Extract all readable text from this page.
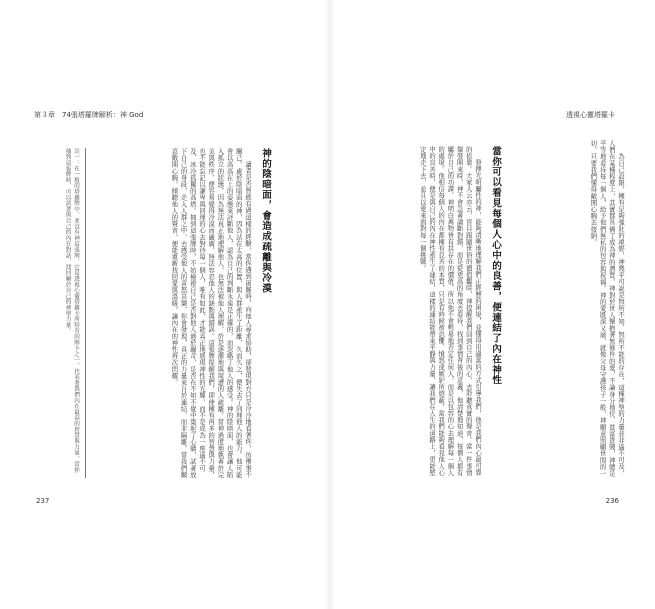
第３章　74張塔羅牌解析：神 God	透視心靈塔羅卡

為自己設限，擁有足夠強壯的視野，神幾乎可說是無所不知、無所不能的存在，這種神聖的力量並非遙不可及，人們在某種程度上，其實都具備了成為神的潛質。神對於世人懷抱著無條件的愛，不論身分地位、貧富貴賤，神總是平等地看待每一個人，給予他們無私的包容與祝福。神的愛既深又廣，就像父母守護孩子一般，神願意照顧世間的一切，只要我們懂得敞開心胸去接納。

當你可以看見每個人心中的良善，便連結了內在神性

發揮光明屬性的神，能夠清晰地理解我們正經歷的困境，並懂得用適當的方式引導我們，他是我們內心最可靠的依靠。大家人云亦云，盲目跟隨世俗的價值觀時，神提醒我們回到自己的內心，去聆聽真實的聲音。當一件事情爆發開來時，神不會急著論斷對錯，而是從更高的角度去看待，找到事情背後的意義，他清楚地知道，每個人都有屬於自己的功課。神明白萬物皆有其存在的價值，所以他不會輕易地否定任何人，而是以包容的心去理解每一個人的處境。他相信每個人的內在都擁有良善的本質，只是有時候被恐懼、憤怒或嫉妒所遮蔽，當我們能夠看見他人心中的良善時，便是與自己的內在神性產生了連結，這樣的連結能帶來平靜與力量，讓我們在人生的道路上，更能堅定地走下去，並且以愛來面對每一個挑戰。

神的陰暗面，會造成疏離與冷漠

讀者是否曾經有過這樣的經驗，當你遇到困難時，向他人尋求協助，卻發現對方只是冷冷地看著你，彷彿事不關己。處於陰暗面的神，因為站在太高的位置，與人群產生了距離，久而久之，便失去了同理他人的能力。他可能會以高高在上的姿態來評斷他人，認為自己的判斷永遠是正確的，而忽略了他人的感受。神的陰暗面，也會讓人陷入孤立的狀態，因為無法真正地理解他人，也無法被他人理解，於是逐漸地與周遭的人疏離。當神過度地執著於完美與秩序，便容易變得冷漠而嚴厲，無法容忍他人的缺點與錯誤。這張牌提醒我們，即使擁有再多的智慧與力量，也不能忘記以謙卑與同理的心去對待每一個人，唯有如此，才能真正地展現神性的光輝，而不是成為一座遙不可及、冰冷孤獨的高塔。抽到這張牌時，不妨檢視自己是否對他人過於嚴苛，是否在不知不覺中築起了心牆，試著放下自己的身段，走入人群之中，去感受他人的喜怒哀樂，你會發現，真正的力量來自於連結，而非隔離。當我們願意敞開心胸，傾聽他人的聲音，便能重新找回愛與溫暖，讓內在的神性再次閃耀。

註一：在一般的塔羅牌中，並沒有神這張牌，它是透視心靈塔羅卡所特有的牌卡之一，代表著我們內在最高的智慧與力量。當你抽到這張牌時，可以試著與自己的內在對話，找回屬於自己的神聖力量。
237	236
